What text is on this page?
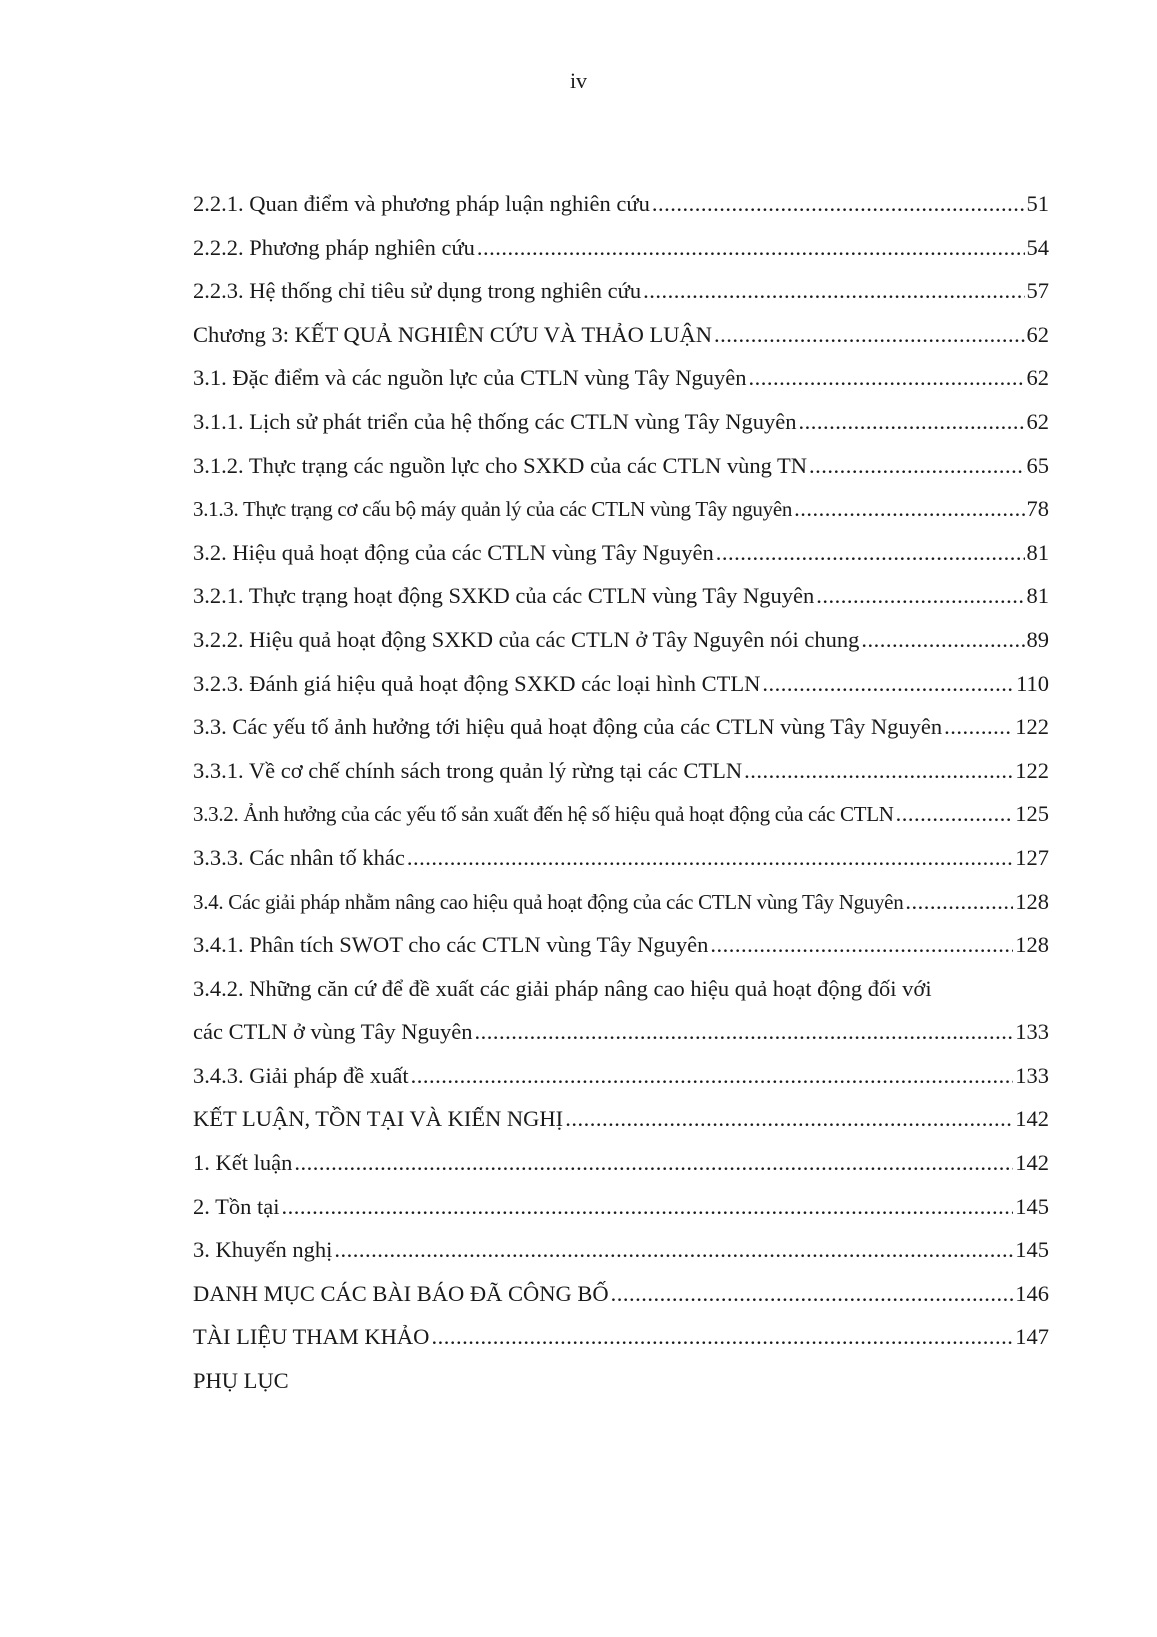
iv
2.2.1. Quan điểm và phương pháp luận nghiên cứu .....	51
2.2.2. Phương pháp nghiên cứu .....	54
2.2.3. Hệ thống chỉ tiêu sử dụng trong nghiên cứu .....	57
Chương 3: KẾT QUẢ NGHIÊN CỨU VÀ THẢO LUẬN .....	62
3.1. Đặc điểm và các nguồn lực của CTLN vùng Tây Nguyên .....	62
3.1.1. Lịch sử phát triển của hệ thống các CTLN vùng Tây Nguyên .....	62
3.1.2. Thực trạng các nguồn lực cho SXKD của các CTLN vùng TN .....	65
3.1.3. Thực trạng cơ cấu bộ máy quản lý của các CTLN vùng Tây nguyên .....	78
3.2. Hiệu quả hoạt động của các CTLN vùng Tây Nguyên .....	81
3.2.1. Thực trạng hoạt động SXKD của các CTLN vùng Tây Nguyên .....	81
3.2.2. Hiệu quả hoạt động SXKD của các CTLN ở Tây Nguyên nói chung .....	89
3.2.3. Đánh giá hiệu quả hoạt động SXKD các loại hình CTLN .....	110
3.3. Các yếu tố ảnh hưởng tới hiệu quả hoạt động của các CTLN vùng Tây Nguyên .....	122
3.3.1. Về cơ chế chính sách trong quản lý rừng tại các CTLN .....	122
3.3.2. Ảnh hưởng của các yếu tố sản xuất đến hệ số hiệu quả hoạt động của các CTLN .....	125
3.3.3. Các nhân tố khác .....	127
3.4. Các giải pháp nhằm nâng cao hiệu quả hoạt động của các CTLN vùng Tây Nguyên .....	128
3.4.1. Phân tích SWOT cho các CTLN vùng Tây Nguyên .....	128
3.4.2. Những căn cứ để đề xuất các giải pháp nâng cao hiệu quả hoạt động đối với
các CTLN ở vùng Tây Nguyên .....	133
3.4.3. Giải pháp đề xuất .....	133
KẾT LUẬN, TỒN TẠI VÀ KIẾN NGHỊ .....	142
1. Kết luận .....	142
2. Tồn tại .....	145
3. Khuyến nghị .....	145
DANH MỤC CÁC BÀI BÁO ĐÃ CÔNG BỐ .....	146
TÀI LIỆU THAM KHẢO .....	147
PHỤ LỤC
